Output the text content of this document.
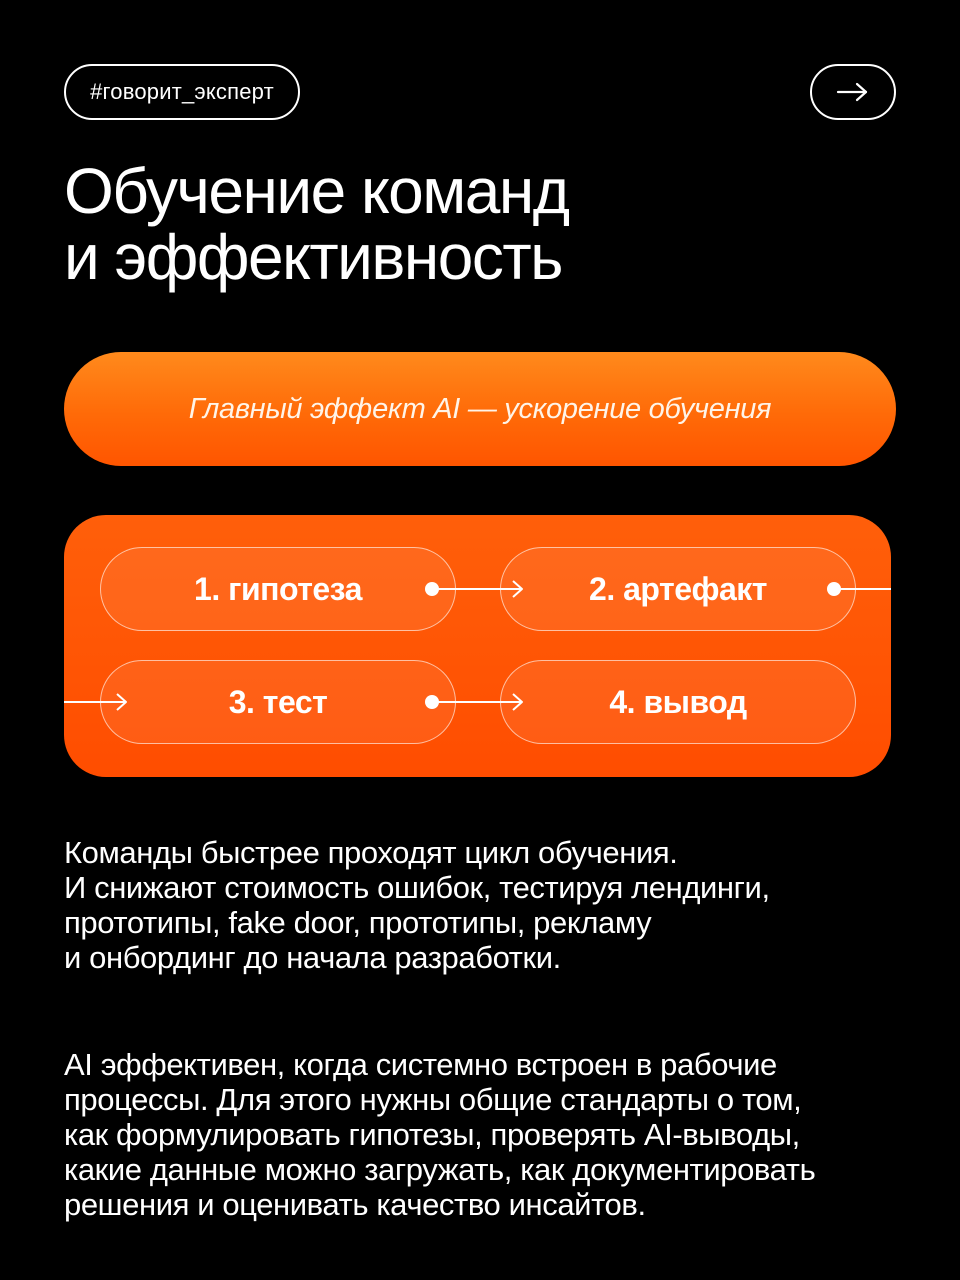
#говорит_эксперт
Обучение команд
и эффективность
Главный эффект AI — ускорение обучения
1. гипотеза	2. артефакт
3. тест	4. вывод
Команды быстрее проходят цикл обучения.
И снижают стоимость ошибок, тестируя лендинги,
прототипы, fake door, прототипы, рекламу
и онбординг до начала разработки.
AI эффективен, когда системно встроен в рабочие
процессы. Для этого нужны общие стандарты о том,
как формулировать гипотезы, проверять AI-выводы,
какие данные можно загружать, как документировать
решения и оценивать качество инсайтов.
